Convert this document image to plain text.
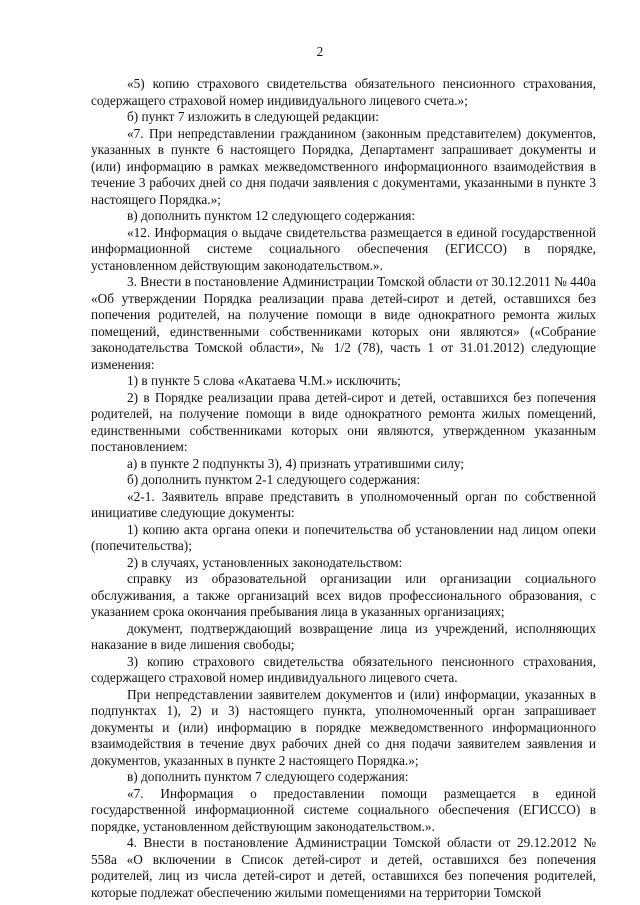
2

«5) копию страхового свидетельства обязательного пенсионного страхования, содержащего страховой номер индивидуального лицевого счета.»;

б) пункт 7 изложить в следующей редакции:

«7. При непредставлении гражданином (законным представителем) документов, указанных в пункте 6 настоящего Порядка, Департамент запрашивает документы и (или) информацию в рамках межведомственного информационного взаимодействия в течение 3 рабочих дней со дня подачи заявления с документами, указанными в пункте 3 настоящего Порядка.»;

в) дополнить пунктом 12 следующего содержания:

«12. Информация о выдаче свидетельства размещается в единой государственной информационной системе социального обеспечения (ЕГИССО) в порядке, установленном действующим законодательством.».

3. Внести в постановление Администрации Томской области от 30.12.2011 № 440а «Об утверждении Порядка реализации права детей-сирот и детей, оставшихся без попечения родителей, на получение помощи в виде однократного ремонта жилых помещений, единственными собственниками которых они являются» («Собрание законодательства Томской области», № 1/2 (78), часть 1 от 31.01.2012) следующие изменения:

1) в пункте 5 слова «Акатаева Ч.М.» исключить;

2) в Порядке реализации права детей-сирот и детей, оставшихся без попечения родителей, на получение помощи в виде однократного ремонта жилых помещений, единственными собственниками которых они являются, утвержденном указанным постановлением:

а) в пункте 2 подпункты 3), 4) признать утратившими силу;

б) дополнить пунктом 2-1 следующего содержания:

«2-1. Заявитель вправе представить в уполномоченный орган по собственной инициативе следующие документы:

1) копию акта органа опеки и попечительства об установлении над лицом опеки (попечительства);

2) в случаях, установленных законодательством:

справку из образовательной организации или организации социального обслуживания, а также организаций всех видов профессионального образования, с указанием срока окончания пребывания лица в указанных организациях;

документ, подтверждающий возвращение лица из учреждений, исполняющих наказание в виде лишения свободы;

3) копию страхового свидетельства обязательного пенсионного страхования, содержащего страховой номер индивидуального лицевого счета.

При непредставлении заявителем документов и (или) информации, указанных в подпунктах 1), 2) и 3) настоящего пункта, уполномоченный орган запрашивает документы и (или) информацию в порядке межведомственного информационного взаимодействия в течение двух рабочих дней со дня подачи заявителем заявления и документов, указанных в пункте 2 настоящего Порядка.»;

в) дополнить пунктом 7 следующего содержания:

«7. Информация о предоставлении помощи размещается в единой государственной информационной системе социального обеспечения (ЕГИССО) в порядке, установленном действующим законодательством.».

4. Внести в постановление Администрации Томской области от 29.12.2012 № 558а «О включении в Список детей-сирот и детей, оставшихся без попечения родителей, лиц из числа детей-сирот и детей, оставшихся без попечения родителей, которые подлежат обеспечению жилыми помещениями на территории Томской
